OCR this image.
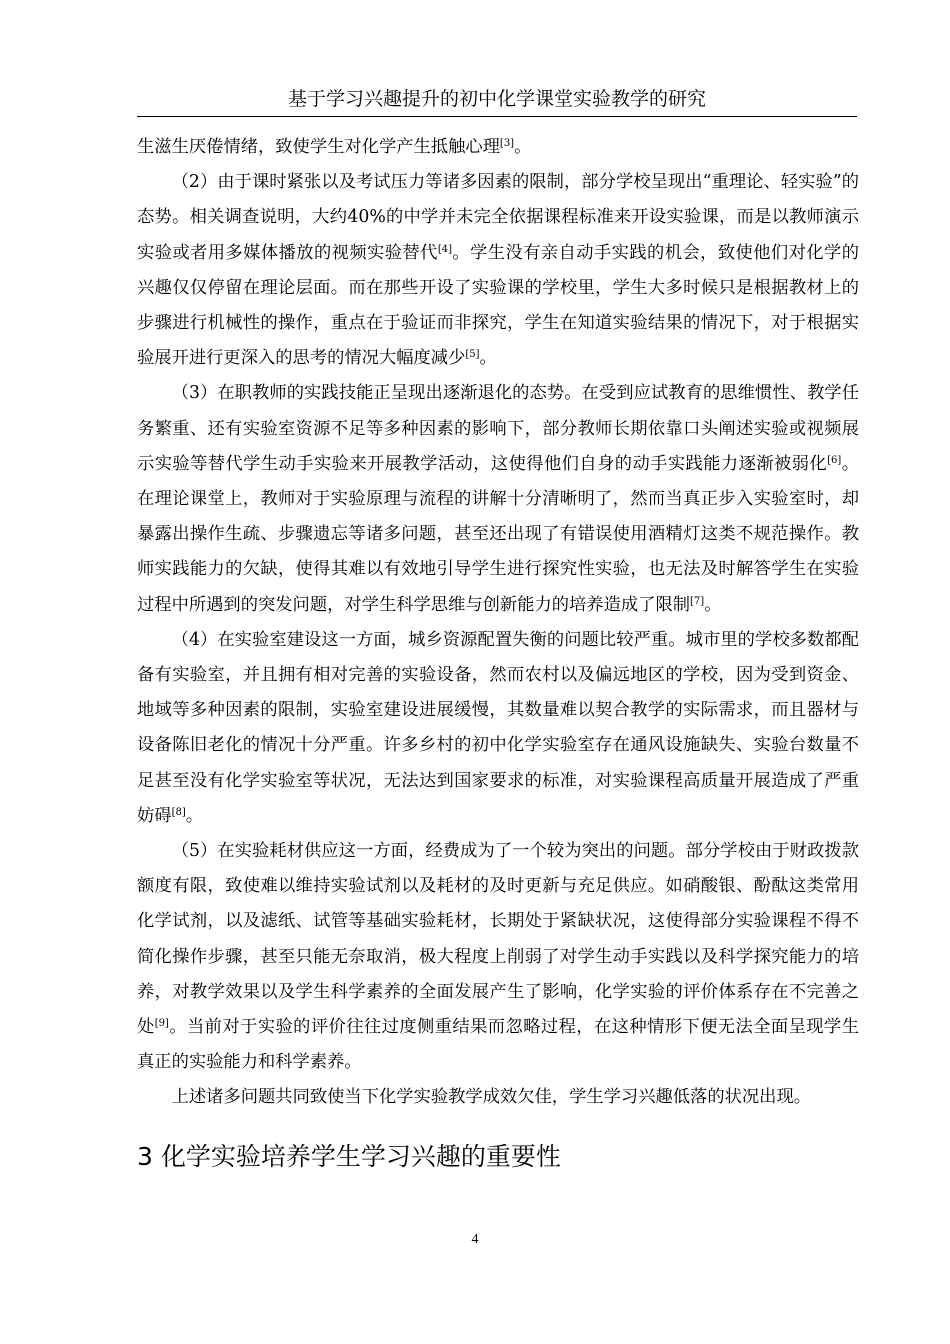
基于学习兴趣提升的初中化学课堂实验教学的研究

生滋生厌倦情绪，致使学生对化学产生抵触心理[3]。

（2）由于课时紧张以及考试压力等诸多因素的限制，部分学校呈现出“重理论、轻实验”的态势。相关调查说明，大约40%的中学并未完全依据课程标准来开设实验课，而是以教师演示实验或者用多媒体播放的视频实验替代[4]。学生没有亲自动手实践的机会，致使他们对化学的兴趣仅仅停留在理论层面。而在那些开设了实验课的学校里，学生大多时候只是根据教材上的步骤进行机械性的操作，重点在于验证而非探究，学生在知道实验结果的情况下，对于根据实验展开进行更深入的思考的情况大幅度减少[5]。

（3）在职教师的实践技能正呈现出逐渐退化的态势。在受到应试教育的思维惯性、教学任务繁重、还有实验室资源不足等多种因素的影响下，部分教师长期依靠口头阐述实验或视频展示实验等替代学生动手实验来开展教学活动，这使得他们自身的动手实践能力逐渐被弱化[6]。在理论课堂上，教师对于实验原理与流程的讲解十分清晰明了，然而当真正步入实验室时，却暴露出操作生疏、步骤遗忘等诸多问题，甚至还出现了有错误使用酒精灯这类不规范操作。教师实践能力的欠缺，使得其难以有效地引导学生进行探究性实验，也无法及时解答学生在实验过程中所遇到的突发问题，对学生科学思维与创新能力的培养造成了限制[7]。

（4）在实验室建设这一方面，城乡资源配置失衡的问题比较严重。城市里的学校多数都配备有实验室，并且拥有相对完善的实验设备，然而农村以及偏远地区的学校，因为受到资金、地域等多种因素的限制，实验室建设进展缓慢，其数量难以契合教学的实际需求，而且器材与设备陈旧老化的情况十分严重。许多乡村的初中化学实验室存在通风设施缺失、实验台数量不足甚至没有化学实验室等状况，无法达到国家要求的标准，对实验课程高质量开展造成了严重妨碍[8]。

（5）在实验耗材供应这一方面，经费成为了一个较为突出的问题。部分学校由于财政拨款额度有限，致使难以维持实验试剂以及耗材的及时更新与充足供应。如硝酸银、酚酞这类常用化学试剂，以及滤纸、试管等基础实验耗材，长期处于紧缺状况，这使得部分实验课程不得不简化操作步骤，甚至只能无奈取消，极大程度上削弱了对学生动手实践以及科学探究能力的培养，对教学效果以及学生科学素养的全面发展产生了影响，化学实验的评价体系存在不完善之处[9]。当前对于实验的评价往往过度侧重结果而忽略过程，在这种情形下便无法全面呈现学生真正的实验能力和科学素养。

上述诸多问题共同致使当下化学实验教学成效欠佳，学生学习兴趣低落的状况出现。

3 化学实验培养学生学习兴趣的重要性
4
